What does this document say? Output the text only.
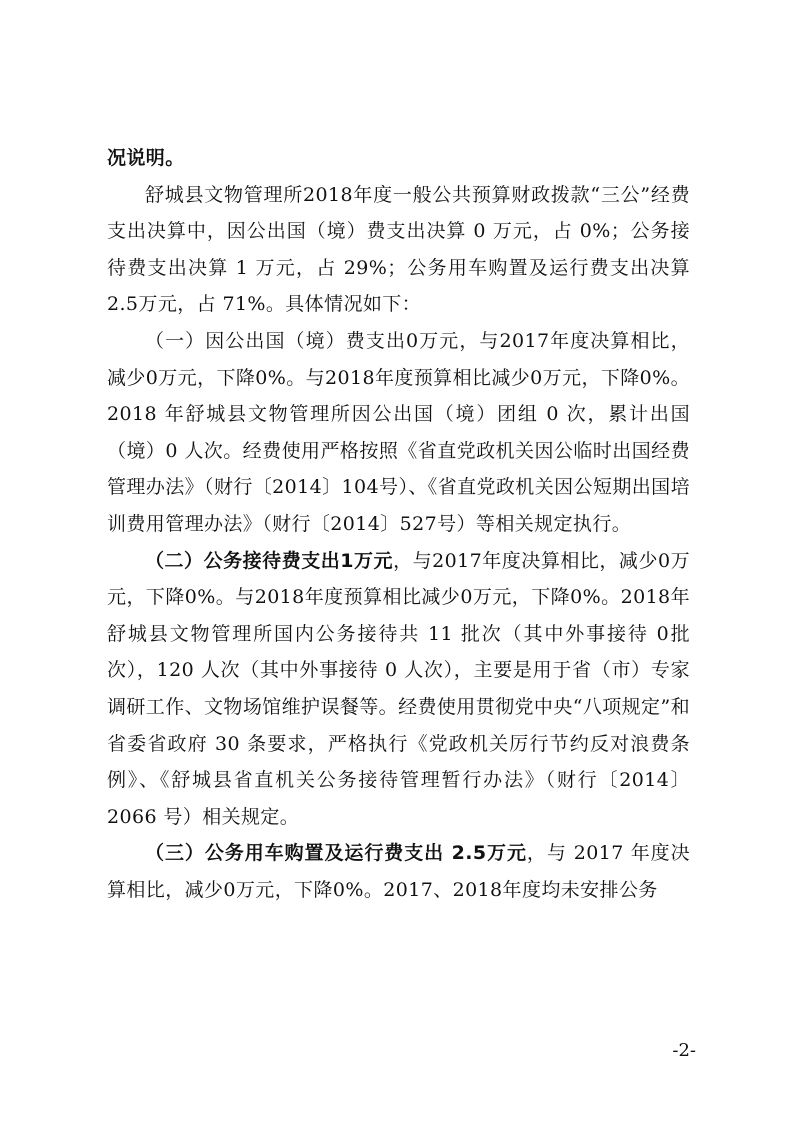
况说明。

舒城县文物管理所2018年度一般公共预算财政拨款“三公”经费支出决算中，因公出国（境）费支出决算 0 万元，占 0%；公务接待费支出决算 1 万元，占 29%；公务用车购置及运行费支出决算2.5万元，占 71%。具体情况如下：

（一）因公出国（境）费支出0万元，与2017年度决算相比，减少0万元，下降0%。与2018年度预算相比减少0万元，下降0%。2018 年舒城县文物管理所因公出国（境）团组 0 次，累计出国（境）0 人次。经费使用严格按照《省直党政机关因公临时出国经费管理办法》（财行〔2014〕104号）、《省直党政机关因公短期出国培训费用管理办法》（财行〔2014〕527号）等相关规定执行。

（二）公务接待费支出1万元，与2017年度决算相比，减少0万元，下降0%。与2018年度预算相比减少0万元，下降0%。2018年舒城县文物管理所国内公务接待共 11 批次（其中外事接待 0批次），120 人次（其中外事接待 0 人次），主要是用于省（市）专家调研工作、文物场馆维护误餐等。经费使用贯彻党中央“八项规定”和省委省政府 30 条要求，严格执行《党政机关厉行节约反对浪费条例》、《舒城县省直机关公务接待管理暂行办法》（财行〔2014〕2066 号）相关规定。

（三）公务用车购置及运行费支出 2.5万元，与 2017 年度决算相比，减少0万元，下降0%。2017、2018年度均未安排公务

-2-
